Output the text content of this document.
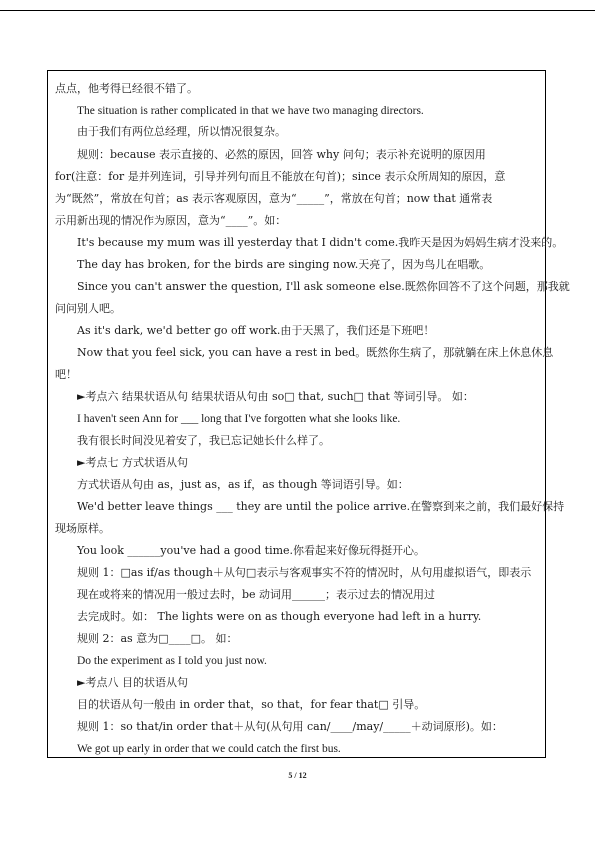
点点，他考得已经很不错了。
The situation is rather complicated in that we have two managing directors.
由于我们有两位总经理，所以情况很复杂。
规则：because 表示直接的、必然的原因，回答 why 问句；表示补充说明的原因用
for(注意：for 是并列连词，引导并列句而且不能放在句首)；since 表示众所周知的原因，意
为“既然”，常放在句首；as 表示客观原因，意为“_____”，常放在句首；now that 通常表
示用新出现的情况作为原因，意为“____”。如：
It's because my mum was ill yesterday that I didn't come.我昨天是因为妈妈生病才没来的。
The day has broken, for the birds are singing now.天亮了，因为鸟儿在唱歌。
Since you can't answer the question, I'll ask someone else.既然你回答不了这个问题，那我就
问问别人吧。
As it's dark, we'd better go off work.由于天黑了，我们还是下班吧！
Now that you feel sick, you can have a rest in bed。既然你生病了，那就躺在床上休息休息
吧！
►考点六 结果状语从句 结果状语从句由 so□ that, such□ that 等词引导。 如：
I haven't seen Ann for ___ long that I've forgotten what she looks like.
我有很长时间没见着安了，我已忘记她长什么样了。
►考点七 方式状语从句
方式状语从句由 as，just as，as if，as though 等词语引导。如：
We'd better leave things ___ they are until the police arrive.在警察到来之前，我们最好保持
现场原样。
You look ______you've had a good time.你看起来好像玩得挺开心。
规则 1：□as if/as though＋从句□表示与客观事实不符的情况时，从句用虚拟语气，即表示
现在或将来的情况用一般过去时，be 动词用______；表示过去的情况用过
去完成时。如： The lights were on as though everyone had left in a hurry.
规则 2：as 意为□____□。 如：
Do the experiment as I told you just now.
►考点八 目的状语从句
目的状语从句一般由 in order that，so that，for fear that□ 引导。
规则 1：so that/in order that＋从句(从句用 can/____/may/_____＋动词原形)。如：
We got up early in order that we could catch the first bus.
5 / 12
